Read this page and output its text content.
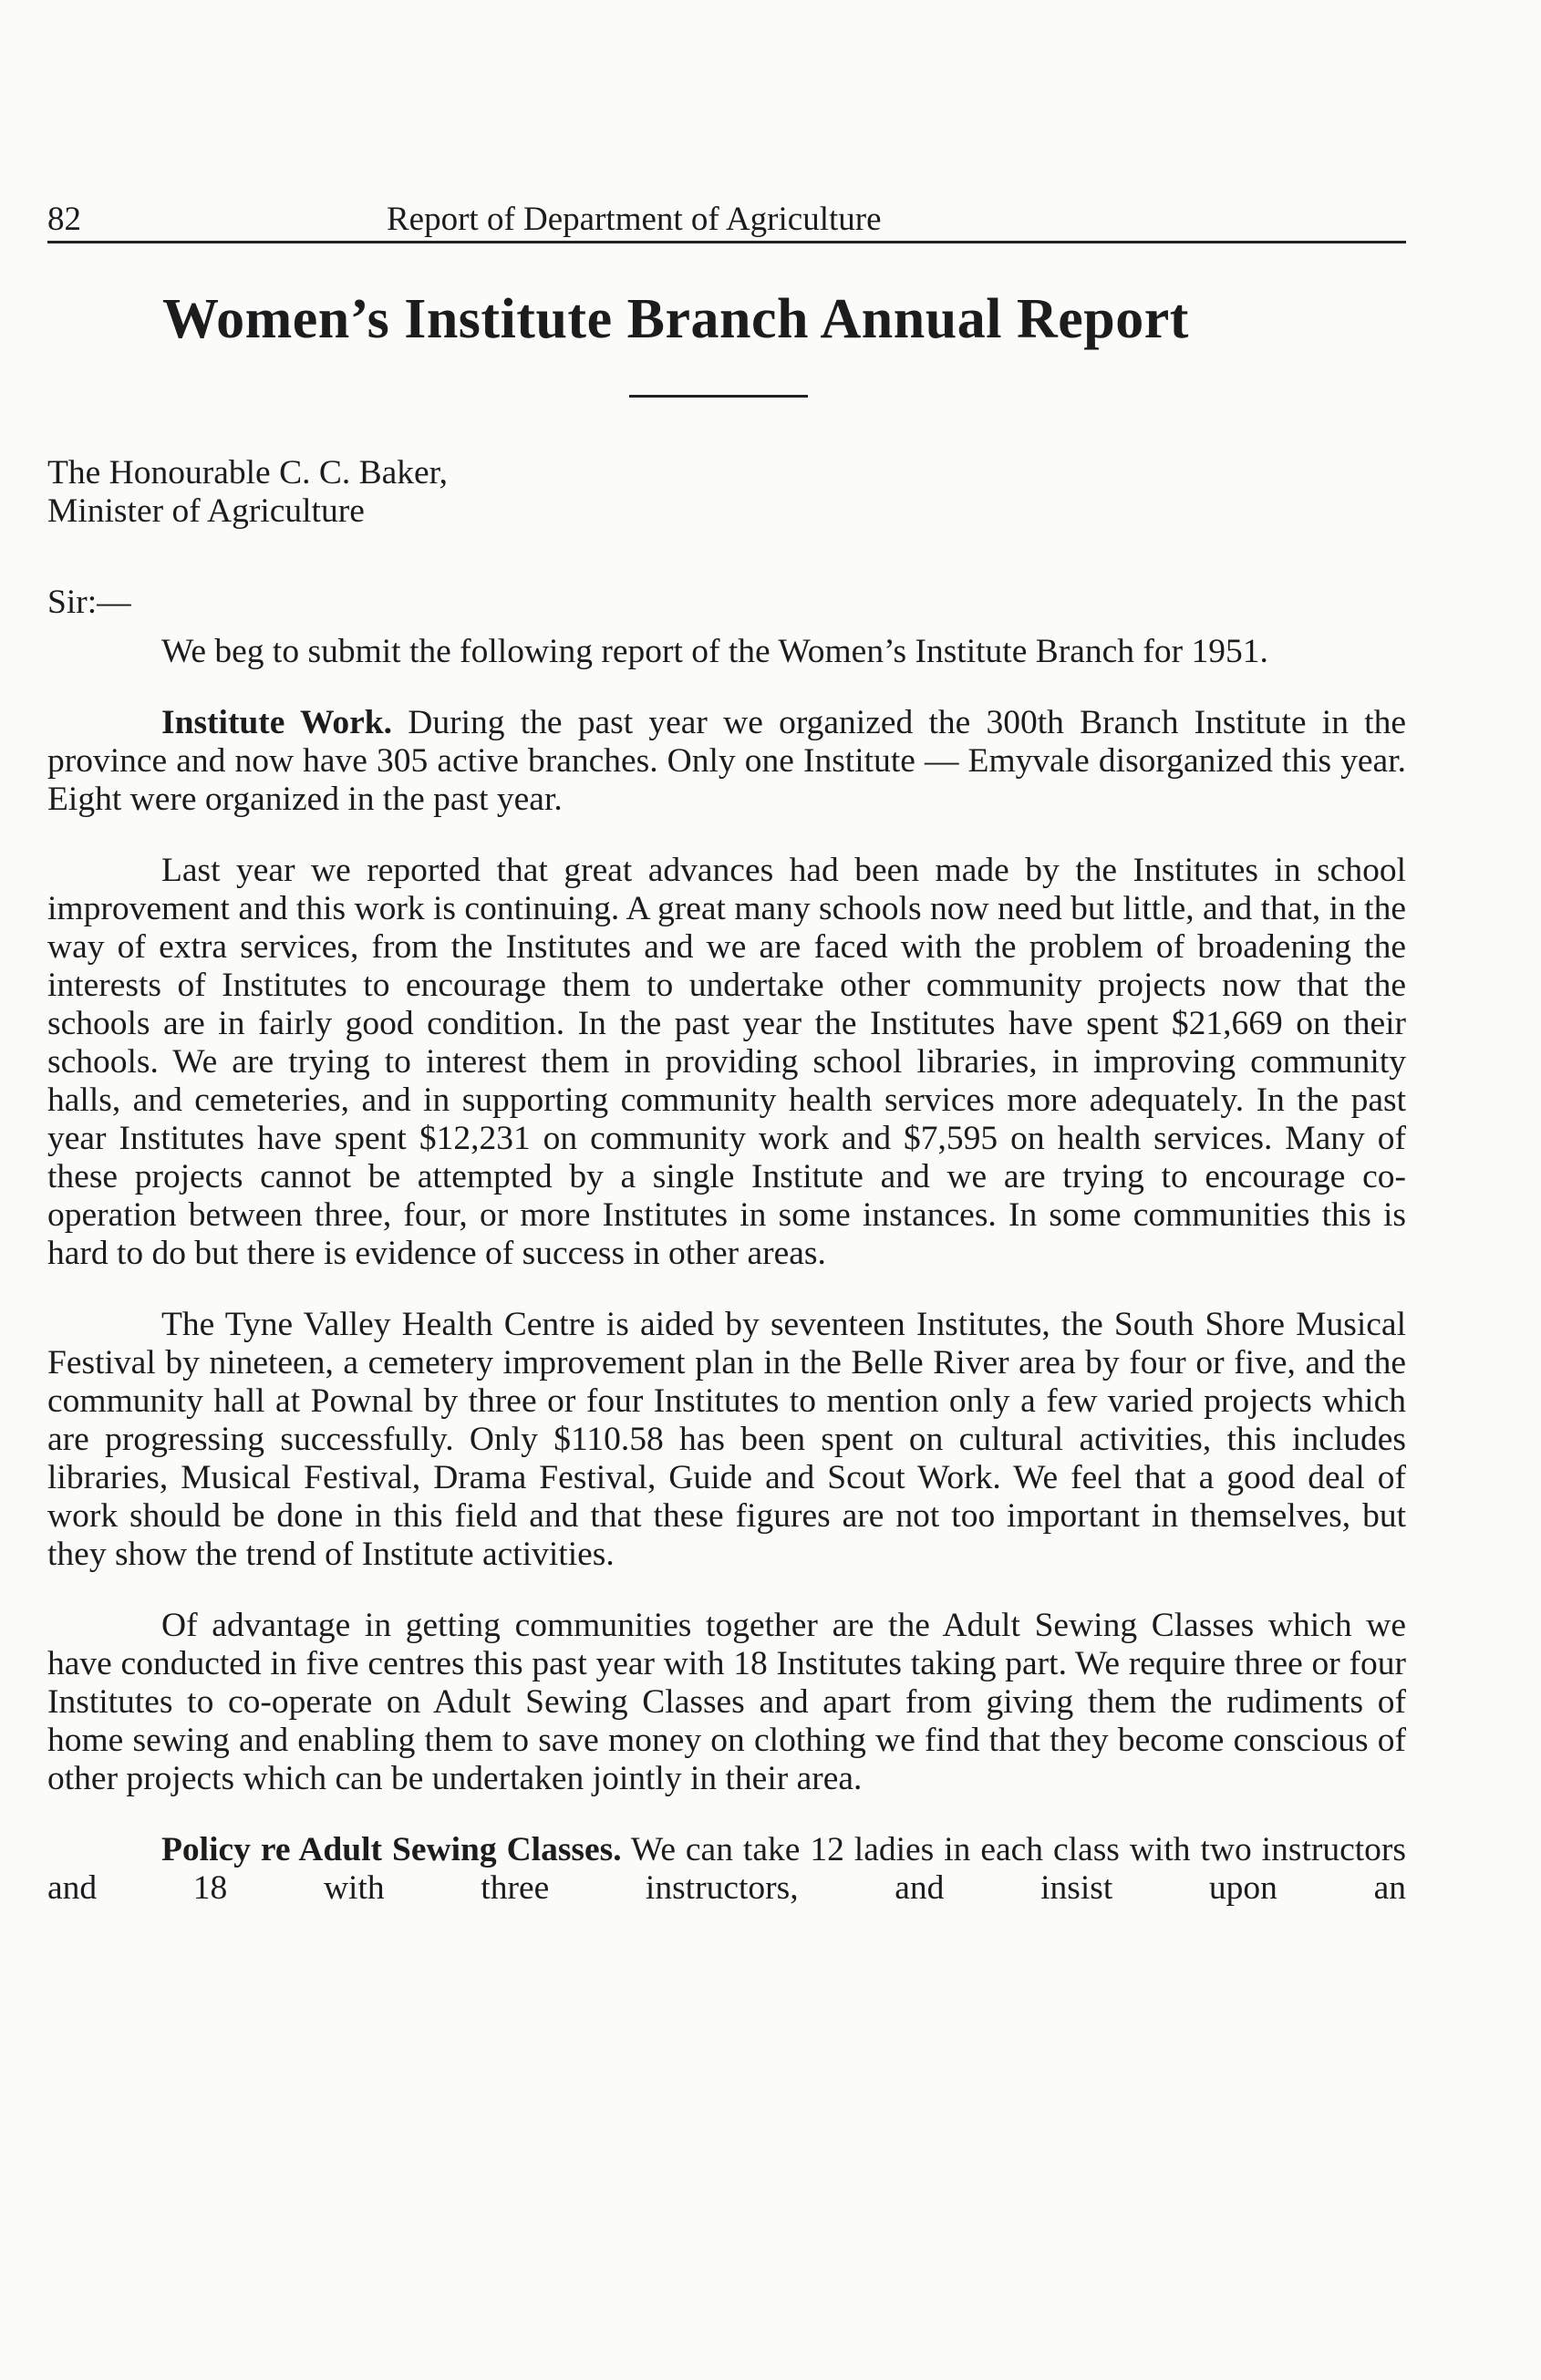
82	Report of Department of Agriculture
Women’s Institute Branch Annual Report
The Honourable C. C. Baker,
Minister of Agriculture
Sir:—

We beg to submit the following report of the Women’s Institute Branch for 1951.

Institute Work. During the past year we organized the 300th Branch Institute in the province and now have 305 active branches. Only one Institute — Emyvale disorganized this year. Eight were organized in the past year.

Last year we reported that great advances had been made by the Institutes in school improvement and this work is continuing. A great many schools now need but little, and that, in the way of extra services, from the Institutes and we are faced with the problem of broadening the interests of Institutes to encourage them to undertake other community projects now that the schools are in fairly good condition. In the past year the Institutes have spent $21,669 on their schools. We are trying to interest them in providing school libraries, in improving community halls, and cemeteries, and in supporting community health services more adequately. In the past year Institutes have spent $12,231 on community work and $7,595 on health services. Many of these projects cannot be attempted by a single Institute and we are trying to encourage co-operation between three, four, or more Institutes in some instances. In some communities this is hard to do but there is evidence of success in other areas.

The Tyne Valley Health Centre is aided by seventeen Institutes, the South Shore Musical Festival by nineteen, a cemetery improvement plan in the Belle River area by four or five, and the community hall at Pownal by three or four Institutes to mention only a few varied projects which are progressing successfully. Only $110.58 has been spent on cultural activities, this includes libraries, Musical Festival, Drama Festival, Guide and Scout Work. We feel that a good deal of work should be done in this field and that these figures are not too important in themselves, but they show the trend of Institute activities.

Of advantage in getting communities together are the Adult Sewing Classes which we have conducted in five centres this past year with 18 Institutes taking part. We require three or four Institutes to co-operate on Adult Sewing Classes and apart from giving them the rudiments of home sewing and enabling them to save money on clothing we find that they become conscious of other projects which can be undertaken jointly in their area.

Policy re Adult Sewing Classes. We can take 12 ladies in each class with two instructors and 18 with three instructors, and insist upon an
